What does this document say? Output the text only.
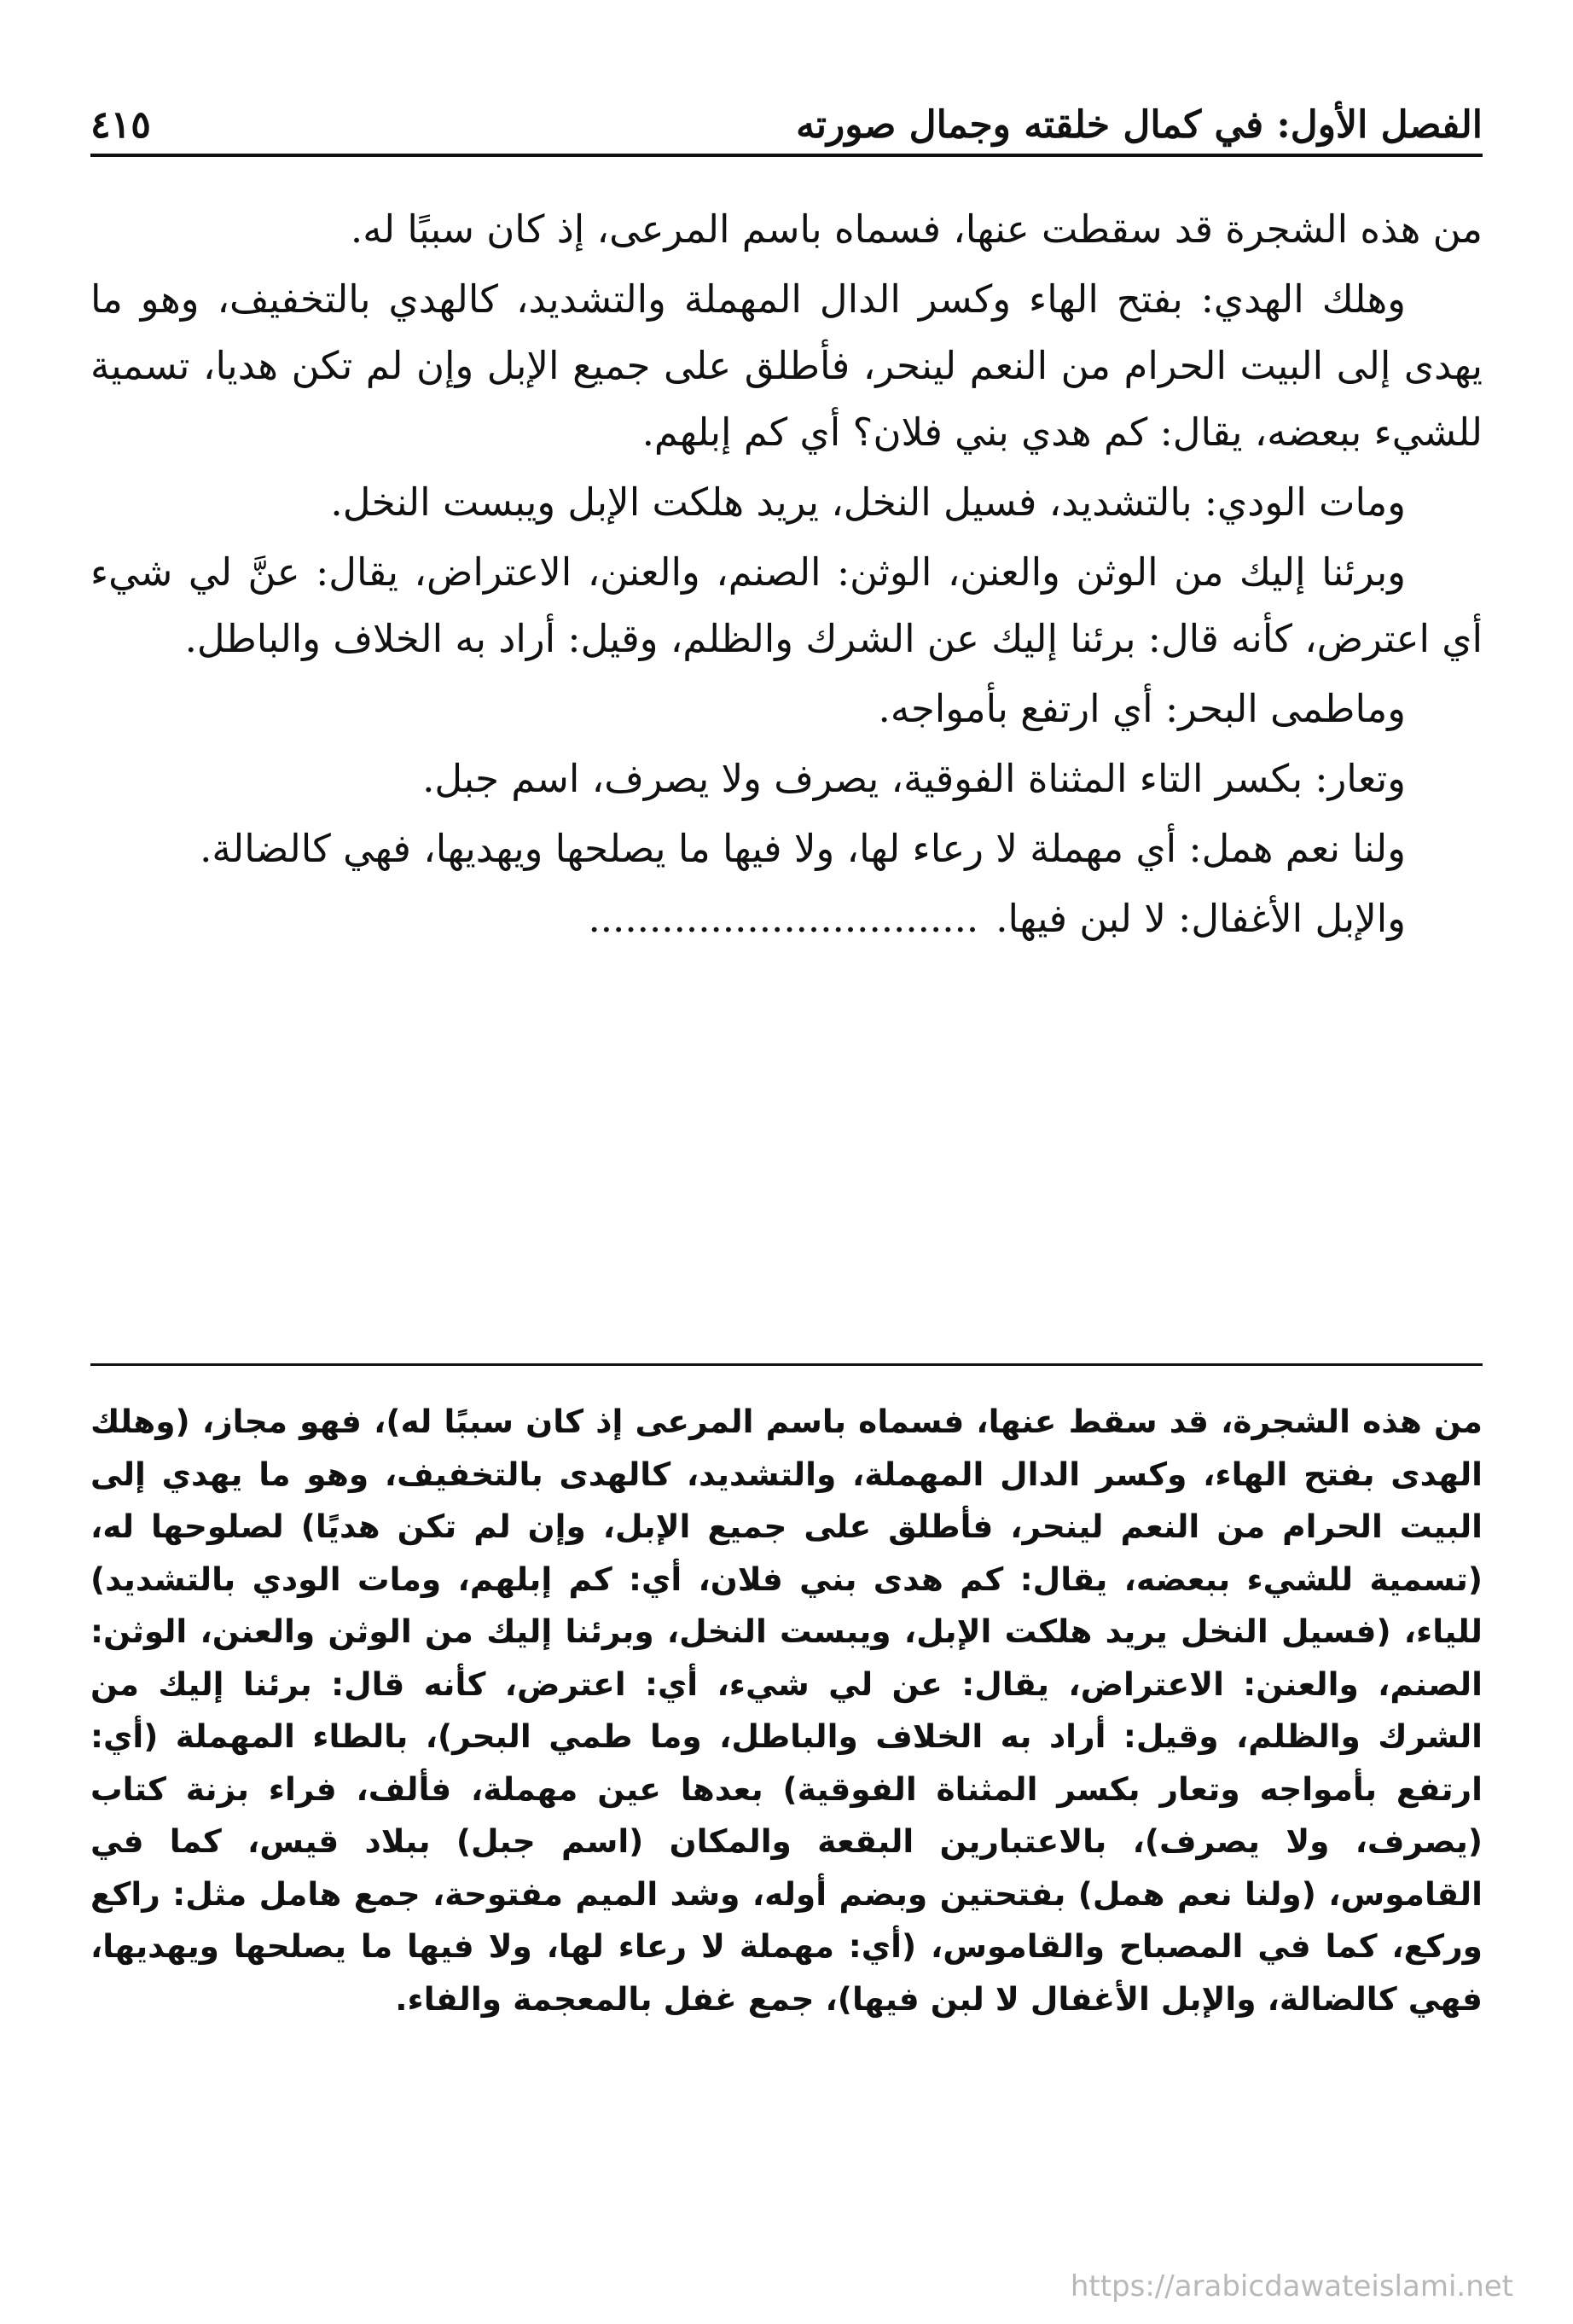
الفصل الأول: في كمال خلقته وجمال صورته
٤١٥

من هذه الشجرة قد سقطت عنها، فسماه باسم المرعى، إذ كان سببًا له.

وهلك الهدي: بفتح الهاء وكسر الدال المهملة والتشديد، كالهدي بالتخفيف، وهو ما يهدى إلى البيت الحرام من النعم لينحر، فأطلق على جميع الإبل وإن لم تكن هديا، تسمية للشيء ببعضه، يقال: كم هدي بني فلان؟ أي كم إبلهم.

ومات الودي: بالتشديد، فسيل النخل، يريد هلكت الإبل ويبست النخل.

وبرئنا إليك من الوثن والعنن، الوثن: الصنم، والعنن، الاعتراض، يقال: عنَّ لي شيء أي اعترض، كأنه قال: برئنا إليك عن الشرك والظلم، وقيل: أراد به الخلاف والباطل.

وماطمى البحر: أي ارتفع بأمواجه.

وتعار: بكسر التاء المثناة الفوقية، يصرف ولا يصرف، اسم جبل.

ولنا نعم همل: أي مهملة لا رعاء لها، ولا فيها ما يصلحها ويهديها، فهي كالضالة.

والإبل الأغفال: لا لبن فيها.................................

من هذه الشجرة، قد سقط عنها، فسماه باسم المرعى إذ كان سببًا له)، فهو مجاز، (وهلك الهدى بفتح الهاء، وكسر الدال المهملة، والتشديد، كالهدى بالتخفيف، وهو ما يهدي إلى البيت الحرام من النعم لينحر، فأطلق على جميع الإبل، وإن لم تكن هديًا) لصلوحها له، (تسمية للشيء ببعضه، يقال: كم هدى بني فلان، أي: كم إبلهم، ومات الودي بالتشديد) للياء، (فسيل النخل يريد هلكت الإبل، ويبست النخل، وبرئنا إليك من الوثن والعنن، الوثن: الصنم، والعنن: الاعتراض، يقال: عن لي شيء، أي: اعترض، كأنه قال: برئنا إليك من الشرك والظلم، وقيل: أراد به الخلاف والباطل، وما طمي البحر)، بالطاء المهملة (أي: ارتفع بأمواجه وتعار بكسر المثناة الفوقية) بعدها عين مهملة، فألف، فراء بزنة كتاب (يصرف، ولا يصرف)، بالاعتبارين البقعة والمكان (اسم جبل) ببلاد قيس، كما في القاموس، (ولنا نعم همل) بفتحتين وبضم أوله، وشد الميم مفتوحة، جمع هامل مثل: راكع وركع، كما في المصباح والقاموس، (أي: مهملة لا رعاء لها، ولا فيها ما يصلحها ويهديها، فهي كالضالة، والإبل الأغفال لا لبن فيها)، جمع غفل بالمعجمة والفاء.

https://arabicdawateislami.net
